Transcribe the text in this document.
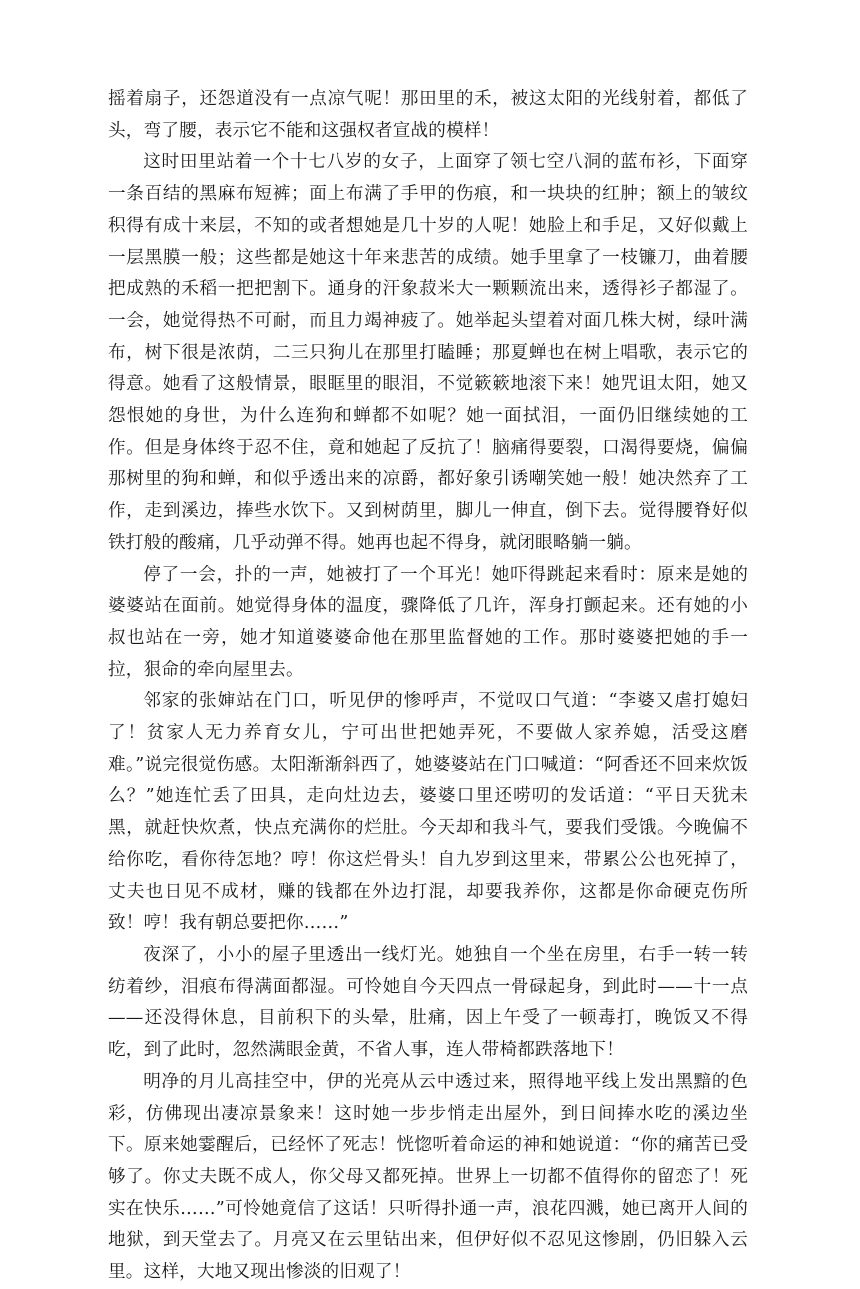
摇着扇子，还怨道没有一点凉气呢！那田里的禾，被这太阳的光线射着，都低了头，弯了腰，表示它不能和这强权者宣战的模样！

这时田里站着一个十七八岁的女子，上面穿了领七空八洞的蓝布衫，下面穿一条百结的黑麻布短裤；面上布满了手甲的伤痕，和一块块的红肿；额上的皱纹积得有成十来层，不知的或者想她是几十岁的人呢！她脸上和手足，又好似戴上一层黑膜一般；这些都是她这十年来悲苦的成绩。她手里拿了一枝镰刀，曲着腰把成熟的禾稻一把把割下。通身的汗象菽米大一颗颗流出来，透得衫子都湿了。一会，她觉得热不可耐，而且力竭神疲了。她举起头望着对面几株大树，绿叶满布，树下很是浓荫，二三只狗儿在那里打瞌睡；那夏蝉也在树上唱歌，表示它的得意。她看了这般情景，眼眶里的眼泪，不觉簌簌地滚下来！她咒诅太阳，她又怨恨她的身世，为什么连狗和蝉都不如呢？她一面拭泪，一面仍旧继续她的工作。但是身体终于忍不住，竟和她起了反抗了！脑痛得要裂，口渴得要烧，偏偏那树里的狗和蝉，和似乎透出来的凉爵，都好象引诱嘲笑她一般！她决然弃了工作，走到溪边，捧些水饮下。又到树荫里，脚儿一伸直，倒下去。觉得腰脊好似铁打般的酸痛，几乎动弹不得。她再也起不得身，就闭眼略躺一躺。

停了一会，扑的一声，她被打了一个耳光！她吓得跳起来看时：原来是她的婆婆站在面前。她觉得身体的温度，骤降低了几许，浑身打颤起来。还有她的小叔也站在一旁，她才知道婆婆命他在那里监督她的工作。那时婆婆把她的手一拉，狠命的牵向屋里去。

邻家的张婶站在门口，听见伊的惨呼声，不觉叹口气道：“李婆又虐打媳妇了！贫家人无力养育女儿，宁可出世把她弄死，不要做人家养媳，活受这磨难。”说完很觉伤感。太阳渐渐斜西了，她婆婆站在门口喊道：“阿香还不回来炊饭么？”她连忙丢了田具，走向灶边去，婆婆口里还唠叨的发话道：“平日天犹未黑，就赶快炊煮，快点充满你的烂肚。今天却和我斗气，要我们受饿。今晚偏不给你吃，看你待怎地？哼！你这烂骨头！自九岁到这里来，带累公公也死掉了，丈夫也日见不成材，赚的钱都在外边打混，却要我养你，这都是你命硬克伤所致！哼！我有朝总要把你……”

夜深了，小小的屋子里透出一线灯光。她独自一个坐在房里，右手一转一转纺着纱，泪痕布得满面都湿。可怜她自今天四点一骨碌起身，到此时——十一点——还没得休息，目前积下的头晕，肚痛，因上午受了一顿毒打，晚饭又不得吃，到了此时，忽然满眼金黄，不省人事，连人带椅都跌落地下！

明净的月儿高挂空中，伊的光亮从云中透过来，照得地平线上发出黑黯的色彩，仿佛现出凄凉景象来！这时她一步步悄走出屋外，到日间捧水吃的溪边坐下。原来她霎醒后，已经怀了死志！恍惚听着命运的神和她说道：“你的痛苦已受够了。你丈夫既不成人，你父母又都死掉。世界上一切都不值得你的留恋了！死实在快乐……”可怜她竟信了这话！只听得扑通一声，浪花四溅，她已离开人间的地狱，到天堂去了。月亮又在云里钻出来，但伊好似不忍见这惨剧，仍旧躲入云里。这样，大地又现出惨淡的旧观了！
